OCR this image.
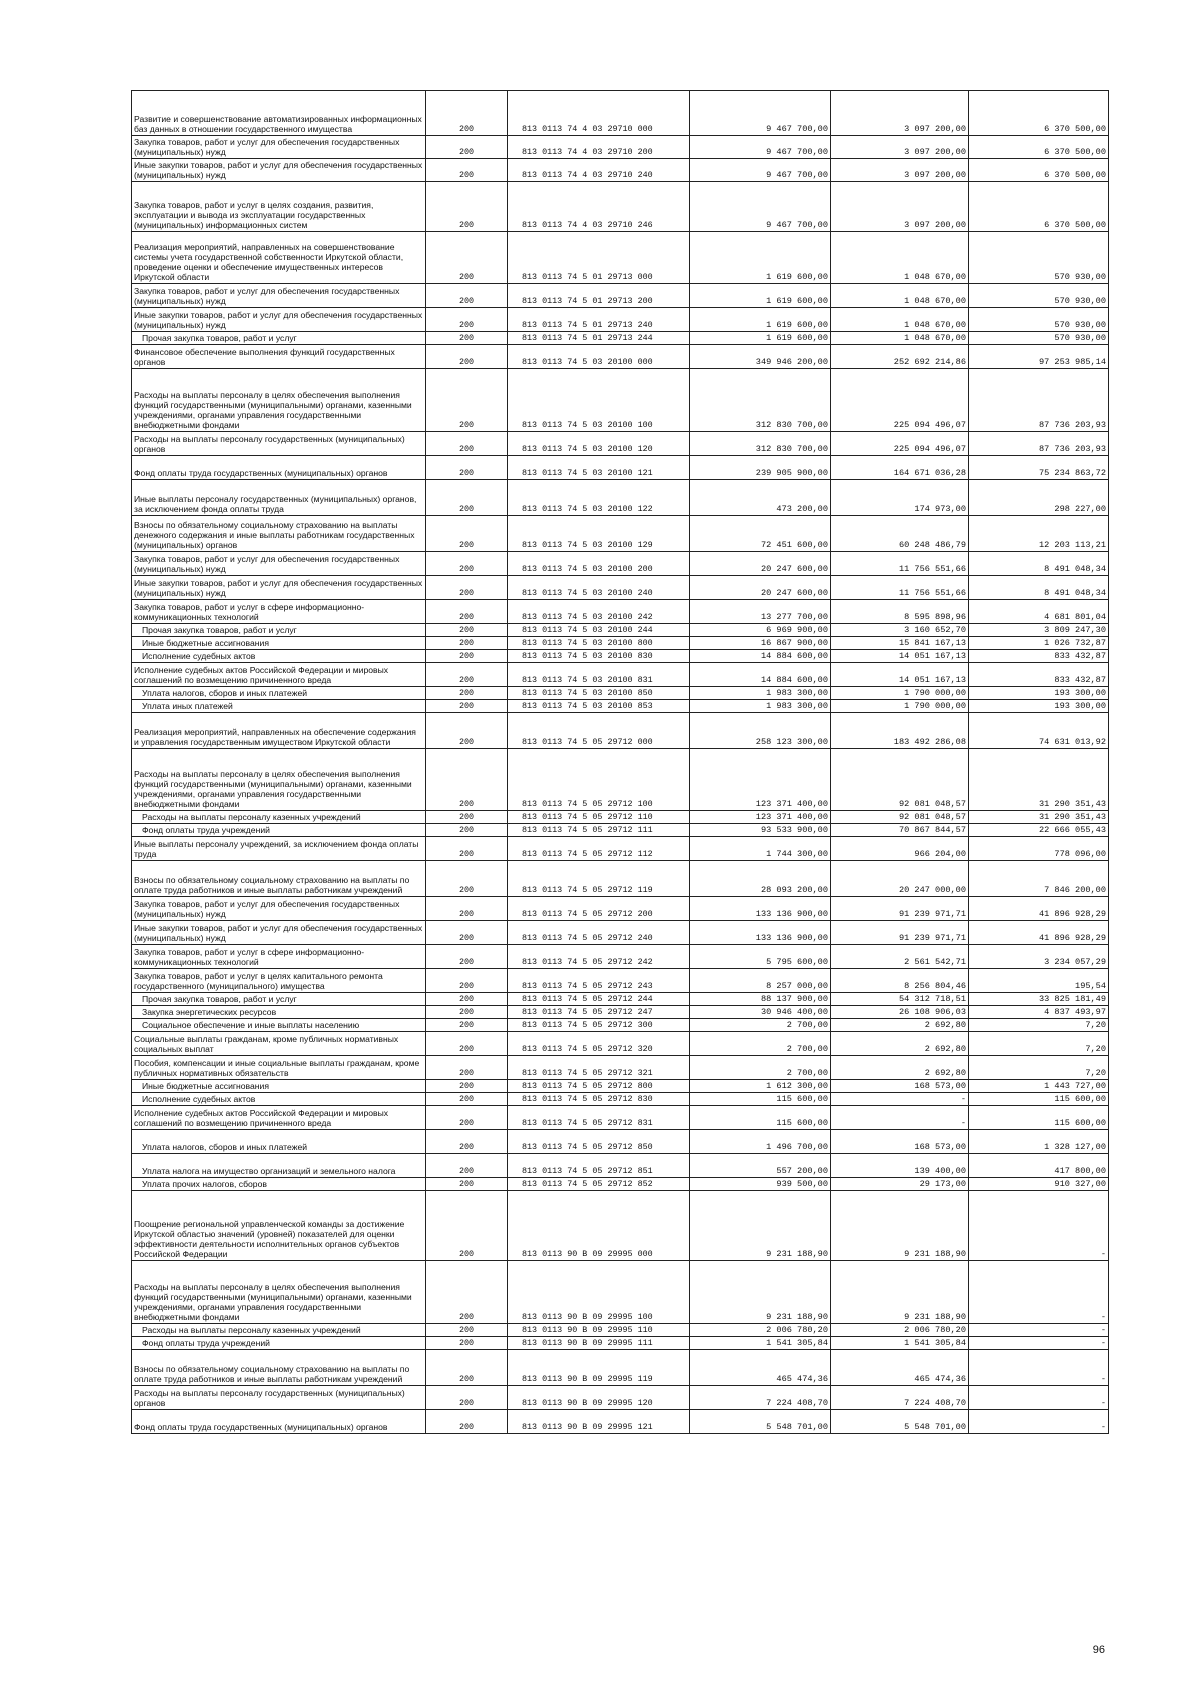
Развитие и совершенствование автоматизированных информационных баз данных в отношении государственного имущества	200	813 0113 74 4 03 29710 000	9 467 700,00	3 097 200,00	6 370 500,00
Закупка товаров, работ и услуг для обеспечения государственных (муниципальных) нужд	200	813 0113 74 4 03 29710 200	9 467 700,00	3 097 200,00	6 370 500,00
Иные закупки товаров, работ и услуг для обеспечения государственных (муниципальных) нужд	200	813 0113 74 4 03 29710 240	9 467 700,00	3 097 200,00	6 370 500,00
Закупка товаров, работ и услуг в целях создания, развития, эксплуатации и вывода из эксплуатации государственных (муниципальных) информационных систем	200	813 0113 74 4 03 29710 246	9 467 700,00	3 097 200,00	6 370 500,00
Реализация мероприятий, направленных на совершенствование системы учета государственной собственности Иркутской области, проведение оценки и обеспечение имущественных интересов Иркутской области	200	813 0113 74 5 01 29713 000	1 619 600,00	1 048 670,00	570 930,00
Закупка товаров, работ и услуг для обеспечения государственных (муниципальных) нужд	200	813 0113 74 5 01 29713 200	1 619 600,00	1 048 670,00	570 930,00
Иные закупки товаров, работ и услуг для обеспечения государственных (муниципальных) нужд	200	813 0113 74 5 01 29713 240	1 619 600,00	1 048 670,00	570 930,00
Прочая закупка товаров, работ и услуг	200	813 0113 74 5 01 29713 244	1 619 600,00	1 048 670,00	570 930,00
Финансовое обеспечение выполнения функций государственных органов	200	813 0113 74 5 03 20100 000	349 946 200,00	252 692 214,86	97 253 985,14
Расходы на выплаты персоналу в целях обеспечения выполнения функций государственными (муниципальными) органами, казенными учреждениями, органами управления государственными внебюджетными фондами	200	813 0113 74 5 03 20100 100	312 830 700,00	225 094 496,07	87 736 203,93
Расходы на выплаты персоналу государственных (муниципальных) органов	200	813 0113 74 5 03 20100 120	312 830 700,00	225 094 496,07	87 736 203,93
Фонд оплаты труда государственных (муниципальных) органов	200	813 0113 74 5 03 20100 121	239 905 900,00	164 671 036,28	75 234 863,72
Иные выплаты персоналу государственных (муниципальных) органов, за исключением фонда оплаты труда	200	813 0113 74 5 03 20100 122	473 200,00	174 973,00	298 227,00
Взносы по обязательному социальному страхованию на выплаты денежного содержания и иные выплаты работникам государственных (муниципальных) органов	200	813 0113 74 5 03 20100 129	72 451 600,00	60 248 486,79	12 203 113,21
Закупка товаров, работ и услуг для обеспечения государственных (муниципальных) нужд	200	813 0113 74 5 03 20100 200	20 247 600,00	11 756 551,66	8 491 048,34
Иные закупки товаров, работ и услуг для обеспечения государственных (муниципальных) нужд	200	813 0113 74 5 03 20100 240	20 247 600,00	11 756 551,66	8 491 048,34
Закупка товаров, работ и услуг в сфере информационно-коммуникационных технологий	200	813 0113 74 5 03 20100 242	13 277 700,00	8 595 898,96	4 681 801,04
Прочая закупка товаров, работ и услуг	200	813 0113 74 5 03 20100 244	6 969 900,00	3 160 652,70	3 809 247,30
Иные бюджетные ассигнования	200	813 0113 74 5 03 20100 800	16 867 900,00	15 841 167,13	1 026 732,87
Исполнение судебных актов	200	813 0113 74 5 03 20100 830	14 884 600,00	14 051 167,13	833 432,87
Исполнение судебных актов Российской Федерации и мировых соглашений по возмещению причиненного вреда	200	813 0113 74 5 03 20100 831	14 884 600,00	14 051 167,13	833 432,87
Уплата налогов, сборов и иных платежей	200	813 0113 74 5 03 20100 850	1 983 300,00	1 790 000,00	193 300,00
Уплата иных платежей	200	813 0113 74 5 03 20100 853	1 983 300,00	1 790 000,00	193 300,00
Реализация мероприятий, направленных на обеспечение содержания и управления государственным имуществом Иркутской области	200	813 0113 74 5 05 29712 000	258 123 300,00	183 492 286,08	74 631 013,92
Расходы на выплаты персоналу в целях обеспечения выполнения функций государственными (муниципальными) органами, казенными учреждениями, органами управления государственными внебюджетными фондами	200	813 0113 74 5 05 29712 100	123 371 400,00	92 081 048,57	31 290 351,43
Расходы на выплаты персоналу казенных учреждений	200	813 0113 74 5 05 29712 110	123 371 400,00	92 081 048,57	31 290 351,43
Фонд оплаты труда учреждений	200	813 0113 74 5 05 29712 111	93 533 900,00	70 867 844,57	22 666 055,43
Иные выплаты персоналу учреждений, за исключением фонда оплаты труда	200	813 0113 74 5 05 29712 112	1 744 300,00	966 204,00	778 096,00
Взносы по обязательному социальному страхованию на выплаты по оплате труда работников и иные выплаты работникам учреждений	200	813 0113 74 5 05 29712 119	28 093 200,00	20 247 000,00	7 846 200,00
Закупка товаров, работ и услуг для обеспечения государственных (муниципальных) нужд	200	813 0113 74 5 05 29712 200	133 136 900,00	91 239 971,71	41 896 928,29
Иные закупки товаров, работ и услуг для обеспечения государственных (муниципальных) нужд	200	813 0113 74 5 05 29712 240	133 136 900,00	91 239 971,71	41 896 928,29
Закупка товаров, работ и услуг в сфере информационно-коммуникационных технологий	200	813 0113 74 5 05 29712 242	5 795 600,00	2 561 542,71	3 234 057,29
Закупка товаров, работ и услуг в целях капитального ремонта государственного (муниципального) имущества	200	813 0113 74 5 05 29712 243	8 257 000,00	8 256 804,46	195,54
Прочая закупка товаров, работ и услуг	200	813 0113 74 5 05 29712 244	88 137 900,00	54 312 718,51	33 825 181,49
Закупка энергетических ресурсов	200	813 0113 74 5 05 29712 247	30 946 400,00	26 108 906,03	4 837 493,97
Социальное обеспечение и иные выплаты населению	200	813 0113 74 5 05 29712 300	2 700,00	2 692,80	7,20
Социальные выплаты гражданам, кроме публичных нормативных социальных выплат	200	813 0113 74 5 05 29712 320	2 700,00	2 692,80	7,20
Пособия, компенсации и иные социальные выплаты гражданам, кроме публичных нормативных обязательств	200	813 0113 74 5 05 29712 321	2 700,00	2 692,80	7,20
Иные бюджетные ассигнования	200	813 0113 74 5 05 29712 800	1 612 300,00	168 573,00	1 443 727,00
Исполнение судебных актов	200	813 0113 74 5 05 29712 830	115 600,00	-	115 600,00
Исполнение судебных актов Российской Федерации и мировых соглашений по возмещению причиненного вреда	200	813 0113 74 5 05 29712 831	115 600,00	-	115 600,00
Уплата налогов, сборов и иных платежей	200	813 0113 74 5 05 29712 850	1 496 700,00	168 573,00	1 328 127,00
Уплата налога на имущество организаций и земельного налога	200	813 0113 74 5 05 29712 851	557 200,00	139 400,00	417 800,00
Уплата прочих налогов, сборов	200	813 0113 74 5 05 29712 852	939 500,00	29 173,00	910 327,00
Поощрение региональной управленческой команды за достижение Иркутской областью значений (уровней) показателей для оценки эффективности деятельности исполнительных органов субъектов Российской Федерации	200	813 0113 90 В 09 29995 000	9 231 188,90	9 231 188,90	-
Расходы на выплаты персоналу в целях обеспечения выполнения функций государственными (муниципальными) органами, казенными учреждениями, органами управления государственными внебюджетными фондами	200	813 0113 90 В 09 29995 100	9 231 188,90	9 231 188,90	-
Расходы на выплаты персоналу казенных учреждений	200	813 0113 90 В 09 29995 110	2 006 780,20	2 006 780,20	-
Фонд оплаты труда учреждений	200	813 0113 90 В 09 29995 111	1 541 305,84	1 541 305,84	-
Взносы по обязательному социальному страхованию на выплаты по оплате труда работников и иные выплаты работникам учреждений	200	813 0113 90 В 09 29995 119	465 474,36	465 474,36	-
Расходы на выплаты персоналу государственных (муниципальных) органов	200	813 0113 90 В 09 29995 120	7 224 408,70	7 224 408,70	-
Фонд оплаты труда государственных (муниципальных) органов	200	813 0113 90 В 09 29995 121	5 548 701,00	5 548 701,00	-
96
